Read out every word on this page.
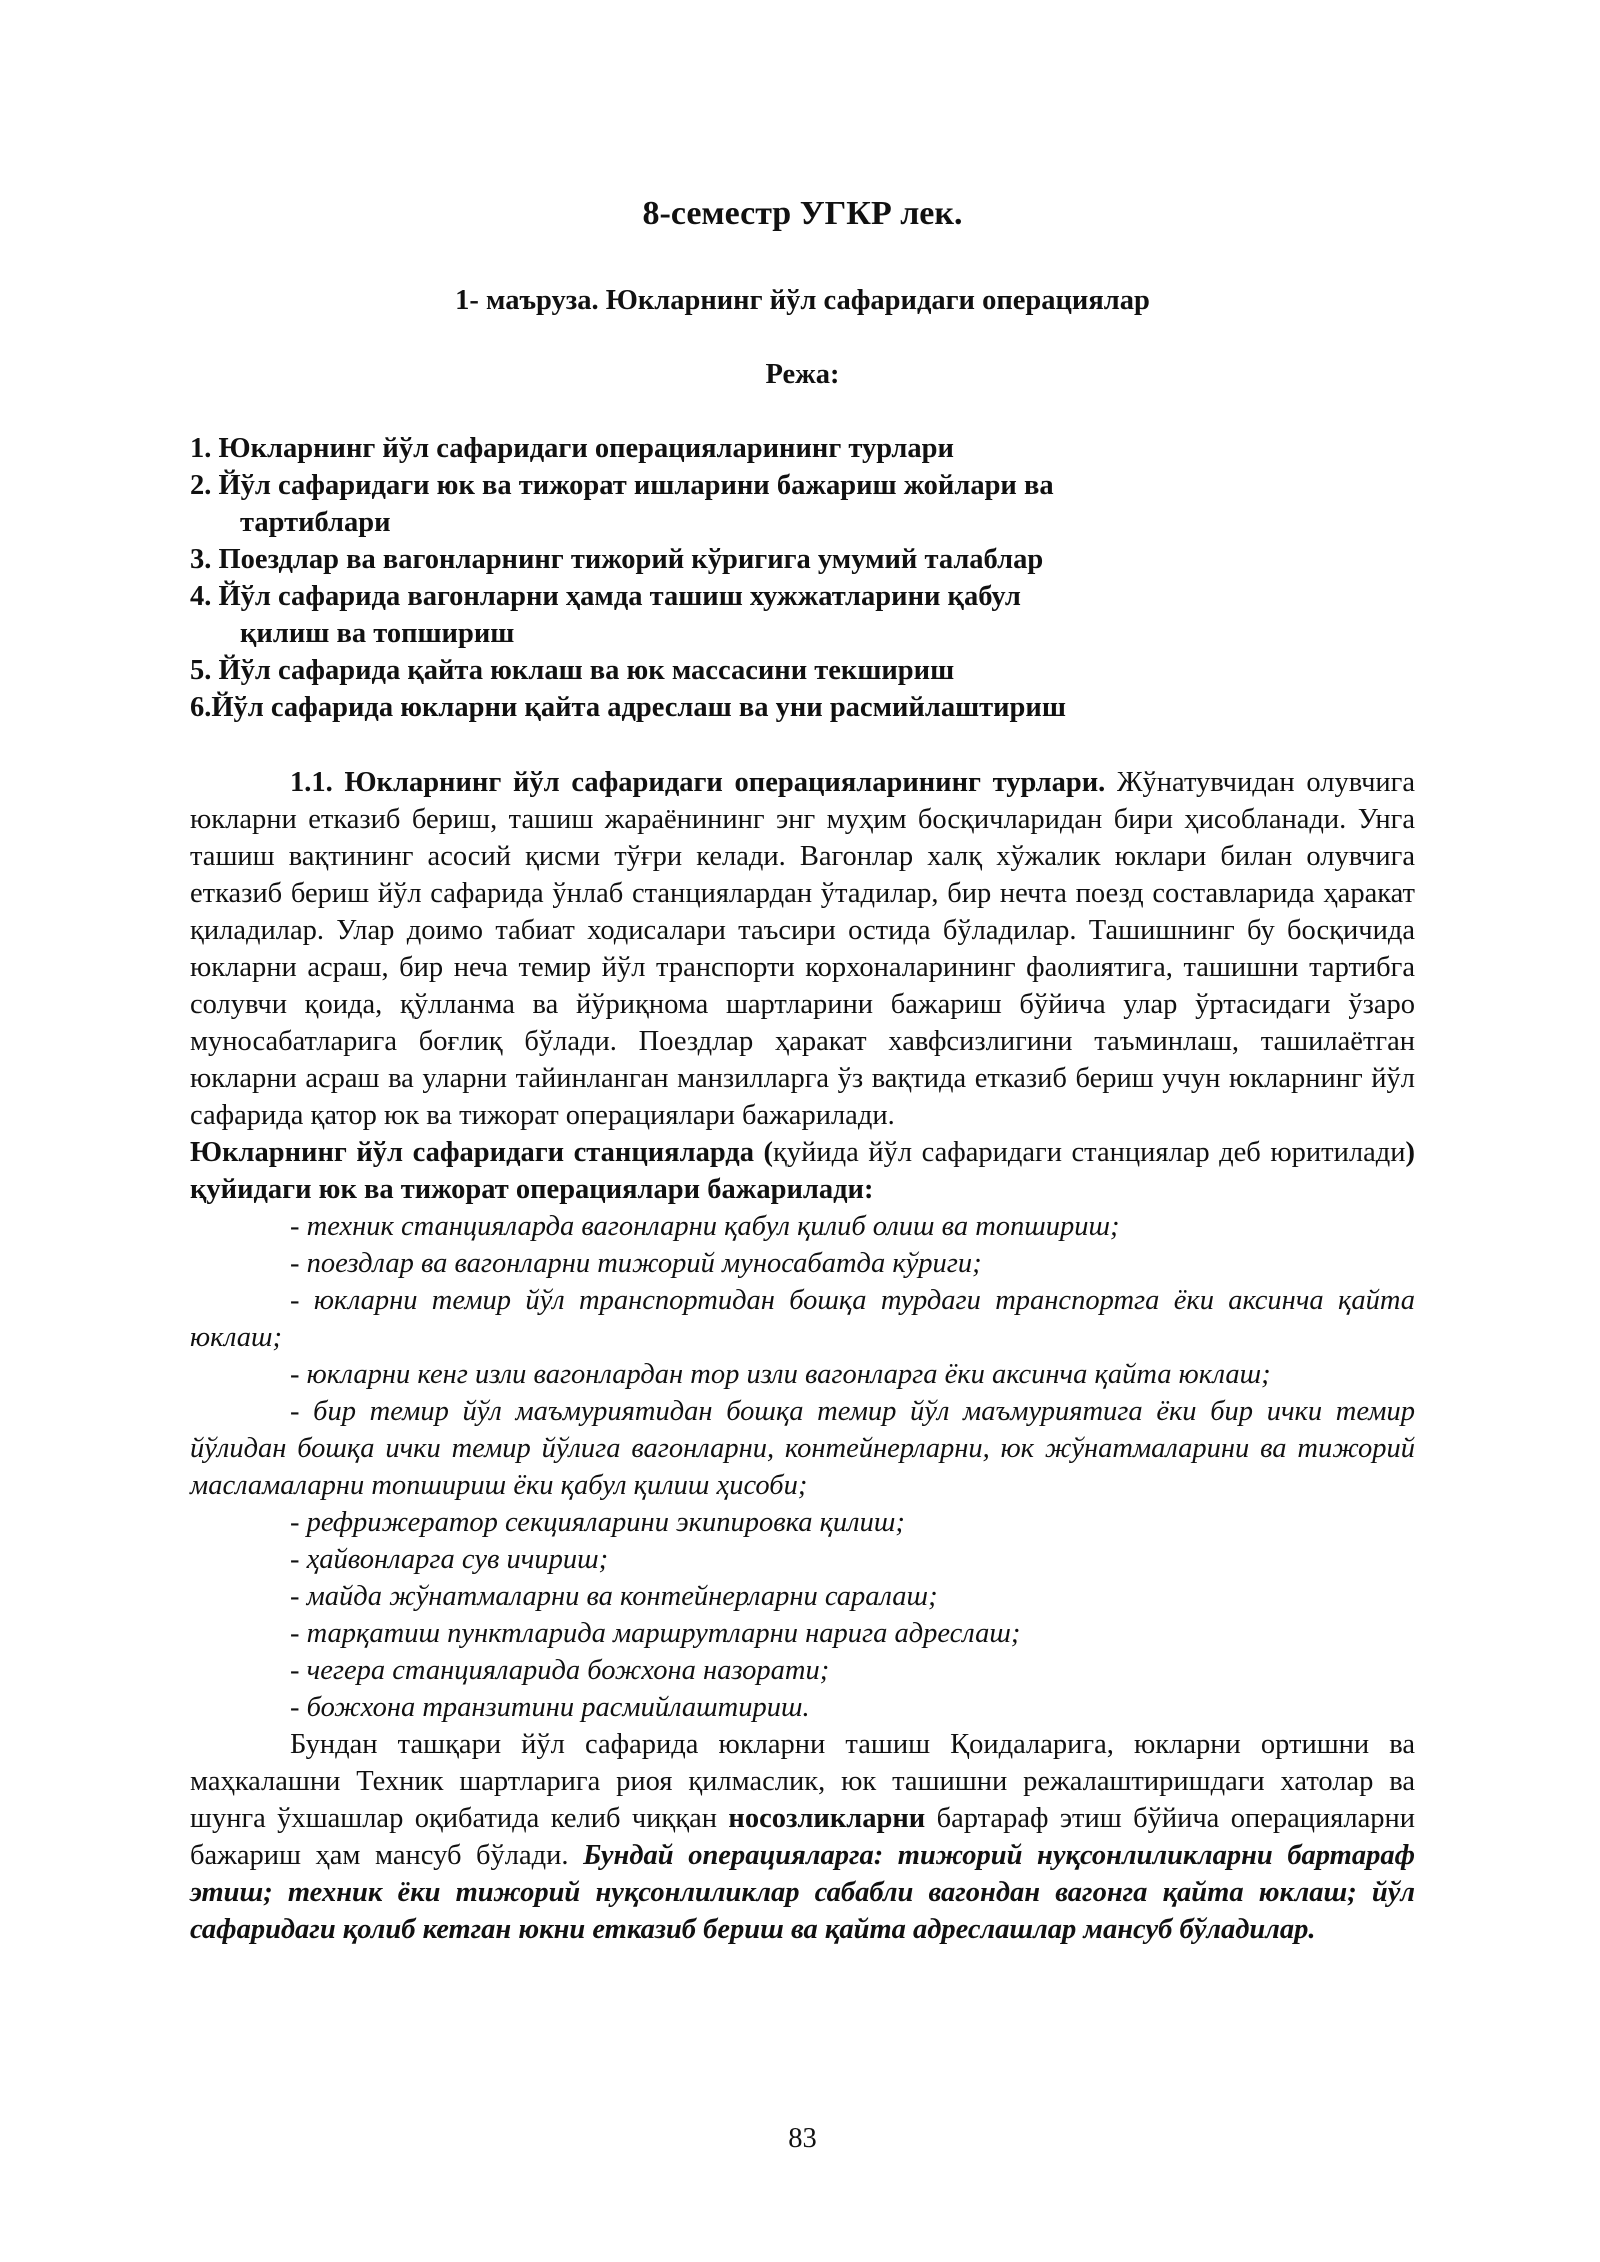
8-семестр УГКР лек.
1- маъруза. Юкларнинг йўл сафаридаги операциялар
Режа:
1. Юкларнинг йўл сафаридаги операцияларининг турлари
2. Йўл сафаридаги юк ва тижорат ишларини бажариш жойлари ва
тартиблари
3. Поездлар ва вагонларнинг тижорий кўригига умумий талаблар
4. Йўл сафарида вагонларни ҳамда ташиш хужжатларини қабул
қилиш ва топшириш
5. Йўл сафарида қайта юклаш ва юк массасини текшириш
6.Йўл сафарида юкларни қайта адреслаш ва уни расмийлаштириш

1.1. Юкларнинг йўл сафаридаги операцияларининг турлари. Жўнатувчидан олувчига юкларни етказиб бериш, ташиш жараёнининг энг муҳим босқичларидан бири ҳисобланади. Унга ташиш вақтининг асосий қисми тўғри келади. Вагонлар халқ хўжалик юклари билан олувчига етказиб бериш йўл сафарида ўнлаб станциялардан ўтадилар, бир нечта поезд составларида ҳаракат қиладилар. Улар доимо табиат ходисалари таъсири остида бўладилар. Ташишнинг бу босқичида юкларни асраш, бир неча темир йўл транспорти корхоналарининг фаолиятига, ташишни тартибга солувчи қоида, қўлланма ва йўриқнома шартларини бажариш бўйича улар ўртасидаги ўзаро муносабатларига боғлиқ бўлади. Поездлар ҳаракат хавфсизлигини таъминлаш, ташилаётган юкларни асраш ва уларни тайинланган манзилларга ўз вақтида етказиб бериш учун юкларнинг йўл сафарида қатор юк ва тижорат операциялари бажарилади.

Юкларнинг йўл сафаридаги станцияларда (қуйида йўл сафаридаги станциялар деб юритилади) қуйидаги юк ва тижорат операциялари бажарилади:

- техник станцияларда вагонларни қабул қилиб олиш ва топшириш;

- поездлар ва вагонларни тижорий муносабатда кўриги;

- юкларни темир йўл транспортидан бошқа турдаги транспортга ёки аксинча қайта юклаш;

- юкларни кенг изли вагонлардан тор изли вагонларга ёки аксинча қайта юклаш;

- бир темир йўл маъмуриятидан бошқа темир йўл маъмуриятига ёки бир ички темир йўлидан бошқа ички темир йўлига вагонларни, контейнерларни, юк жўнатмаларини ва тижорий масламаларни топшириш ёки қабул қилиш ҳисоби;

- рефрижератор секцияларини экипировка қилиш;

- ҳайвонларга сув ичириш;

- майда жўнатмаларни ва контейнерларни саралаш;

- тарқатиш пунктларида маршрутларни нарига адреслаш;

- чегера станцияларида божхона назорати;

- божхона транзитини расмийлаштириш.

Бундан ташқари йўл сафарида юкларни ташиш Қоидаларига, юкларни ортишни ва маҳкалашни Техник шартларига риоя қилмаслик, юк ташишни режалаштиришдаги хатолар ва шунга ўхшашлар оқибатида келиб чиққан носозликларни бартараф этиш бўйича операцияларни бажариш ҳам мансуб бўлади. Бундай операцияларга: тижорий нуқсонлиликларни бартараф этиш; техник ёки тижорий нуқсонлиликлар сабабли вагондан вагонга қайта юклаш; йўл сафаридаги қолиб кетган юкни етказиб бериш ва қайта адреслашлар мансуб бўладилар.

83
